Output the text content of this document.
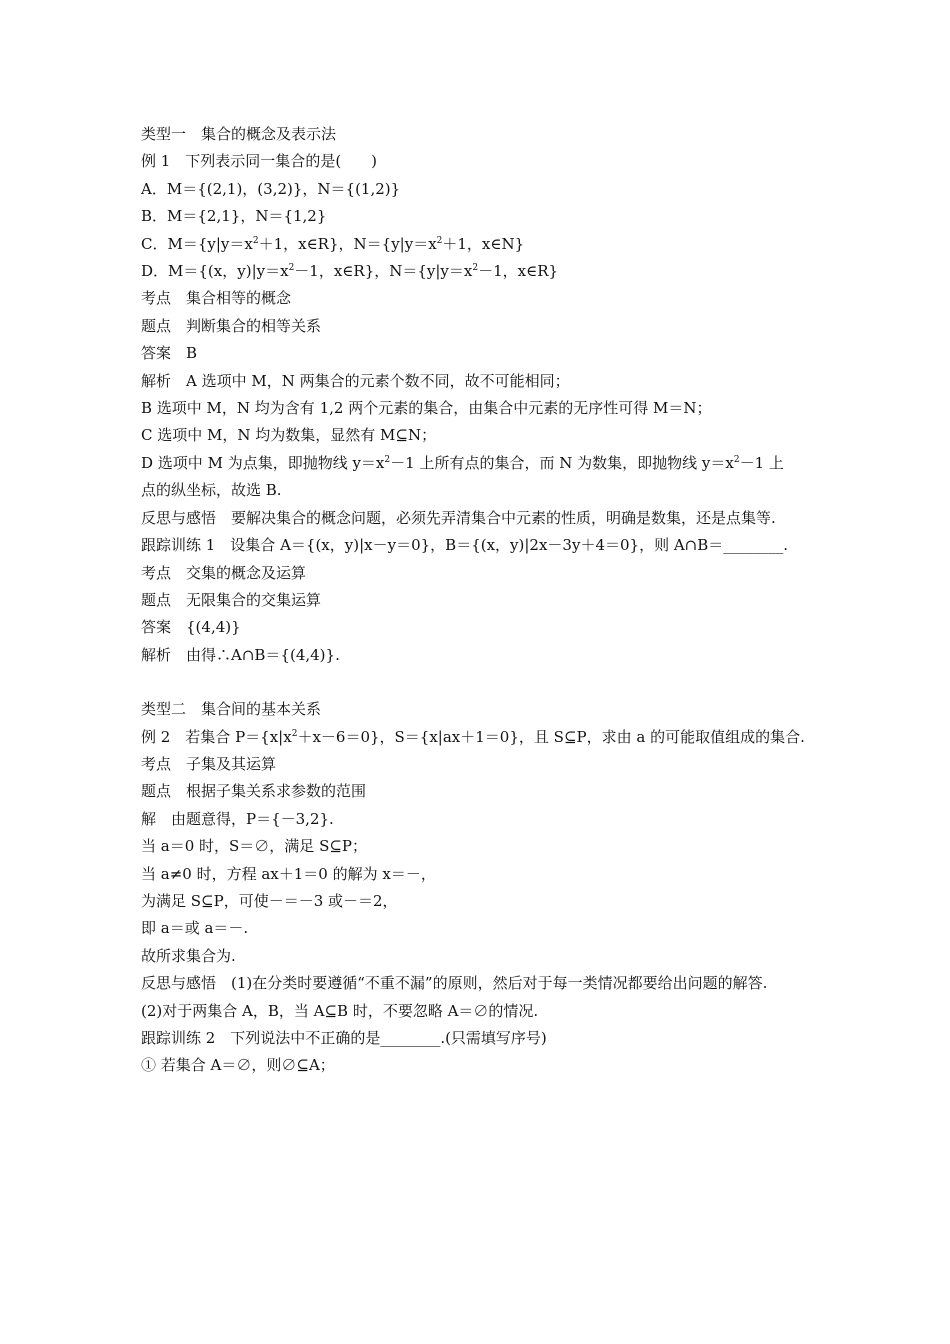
类型一　集合的概念及表示法
例 1　下列表示同一集合的是(　　)
A．M＝{(2,1)，(3,2)}，N＝{(1,2)}
B．M＝{2,1}，N＝{1,2}
C．$M=\{y|y=x^2+1$，x∈R}，$N=\{y|y=x^2+1$，x∈N}
D．M＝{(x，$y)|y=x^2-1$，x∈R}，$N=\{y|y=x^2-1$，x∈R}
考点　集合相等的概念
题点　判断集合的相等关系
答案　B
解析　A 选项中 M，N 两集合的元素个数不同，故不可能相同；
B 选项中 M，N 均为含有 1,2 两个元素的集合，由集合中元素的无序性可得 M＝N；
C 选项中 M，N 均为数集，显然有 M⊆N；
D 选项中 M 为点集，即抛物线 $y=x^2-1$ 上所有点的集合，而 N 为数集，即抛物线 $y=x^2-1$ 上
点的纵坐标，故选 B.
反思与感悟　要解决集合的概念问题，必须先弄清集合中元素的性质，明确是数集，还是点集等.
跟踪训练 1　设集合 A＝{(x，y)|x－y＝0}，B＝{(x，y)|2x－3y＋4＝0}，则 A∩B＝________.
考点　交集的概念及运算
题点　无限集合的交集运算
答案　{(4,4)}
解析　由得∴A∩B＝{(4,4)}.
类型二　集合间的基本关系
例 2　若集合 $P=\{x|x^2+x-6=0\}$，S＝{x|ax＋1＝0}，且 S⊆P，求由 a 的可能取值组成的集合.
考点　子集及其运算
题点　根据子集关系求参数的范围
解　由题意得，P＝{－3,2}.
当 a＝0 时，S＝∅，满足 S⊆P；
当 a≠0 时，方程 ax＋1＝0 的解为 x＝－，
为满足 S⊆P，可使－＝－3 或－＝2，
即 a＝或 a＝－.
故所求集合为.
反思与感悟　(1)在分类时要遵循“不重不漏”的原则，然后对于每一类情况都要给出问题的解答.
(2)对于两集合 A，B，当 A⊆B 时，不要忽略 A＝∅的情况.
跟踪训练 2　下列说法中不正确的是________.(只需填写序号)
① 若集合 A＝∅，则∅⊆A；
